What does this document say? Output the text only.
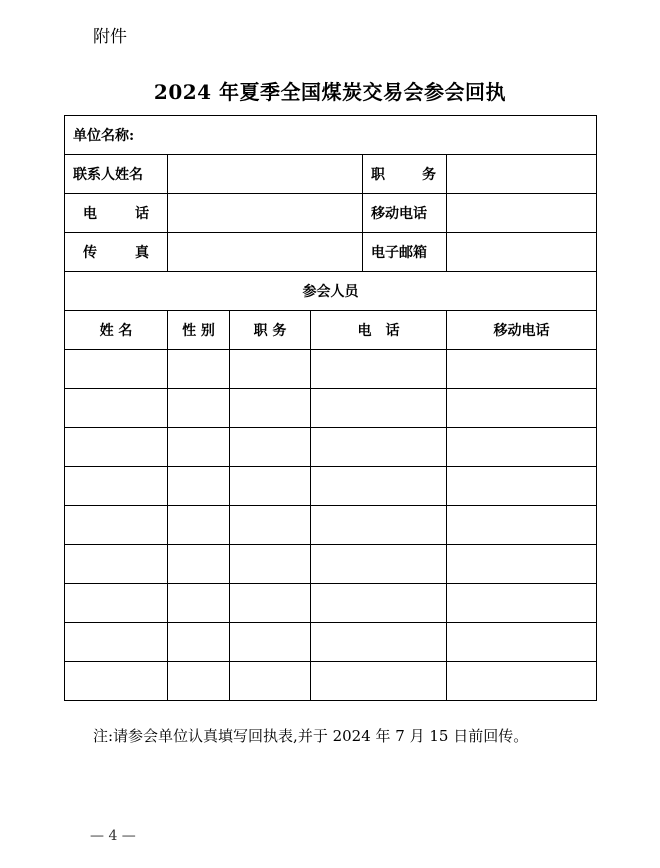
附件
2024 年夏季全国煤炭交易会参会回执
单位名称:					
联系人姓名				职　务	
电　话				移动电话	
传　真				电子邮箱	
参会人员					
姓 名	性 别	职 务	电　话		移动电话

注:请参会单位认真填写回执表,并于 2024 年 7 月 15 日前回传。
— 4 —
